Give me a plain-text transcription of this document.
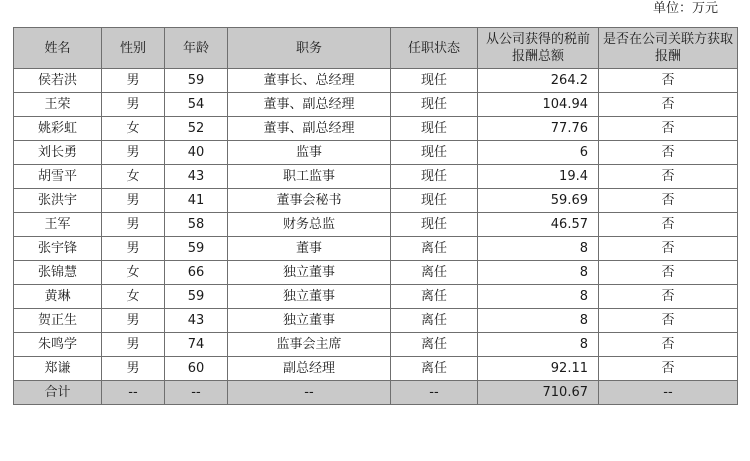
单位：万元
姓名	性别	年龄	职务	任职状态	从公司获得的税前报酬总额	是否在公司关联方获取报酬
侯若洪	男	59	董事长、总经理	现任	264.2	否
王荣	男	54	董事、副总经理	现任	104.94	否
姚彩虹	女	52	董事、副总经理	现任	77.76	否
刘长勇	男	40	监事	现任	6	否
胡雪平	女	43	职工监事	现任	19.4	否
张洪宇	男	41	董事会秘书	现任	59.69	否
王军	男	58	财务总监	现任	46.57	否
张宇锋	男	59	董事	离任	8	否
张锦慧	女	66	独立董事	离任	8	否
黄琳	女	59	独立董事	离任	8	否
贺正生	男	43	独立董事	离任	8	否
朱鸣学	男	74	监事会主席	离任	8	否
郑谦	男	60	副总经理	离任	92.11	否
合计	--	--	--	--	710.67	--
